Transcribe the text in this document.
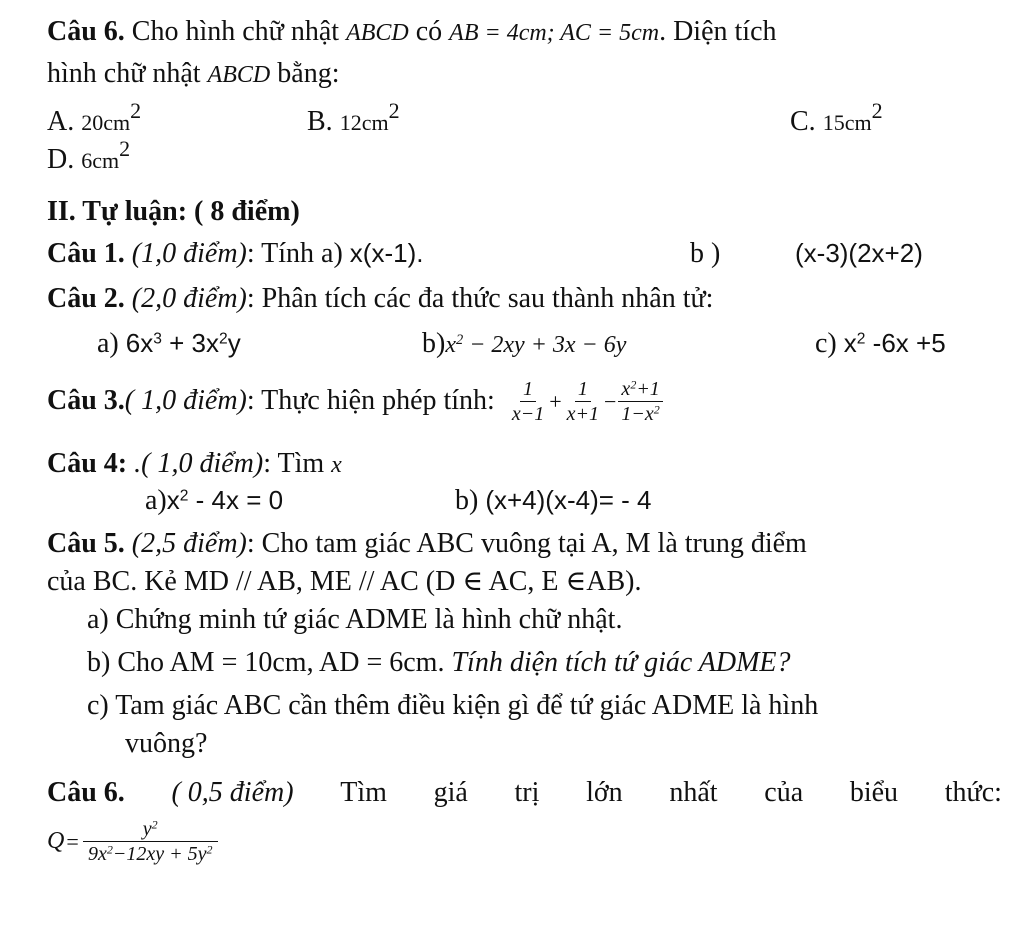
Câu 6. Cho hình chữ nhật ABCD có AB = 4cm; AC = 5cm. Diện tích
hình chữ nhật ABCD bằng:
A. $20cm^2$	B. $12cm^2$	C. $15cm^2$
D. $6cm^2$
II. Tự luận: ( 8 điểm)
Câu 1. (1,0 điểm): Tính a) x(x-1).	b )	(x-3)(2x+2)
Câu 2. (2,0 điểm): Phân tích các đa thức sau thành nhân tử:
a) $6x^3 + 3x^2y$	$b)x^2 - 2xy + 3x - 6y$	c) $x^2$ -6x +5
Câu 3. ( 1,0 điểm) : Thực hiện phép tính: $\frac{1}{x-1} + \frac{1}{x+1} - \frac{x^2+1}{1-x^2}$
Câu 4: .( 1,0 điểm): Tìm x
$a)x^2 - 4x = 0$	b) (x+4)(x-4)= - 4
Câu 5. (2,5 điểm): Cho tam giác ABC vuông tại A, M là trung điểm
của BC. Kẻ MD // AB, ME // AC (D ∈ AC, E ∈AB).
a) Chứng minh tứ giác ADME là hình chữ nhật.
b) Cho AM = 10cm, AD = 6cm. Tính diện tích tứ giác ADME?
c) Tam giác ABC cần thêm điều kiện gì để tứ giác ADME là hình
vuông?
Câu 6. ( 0,5 điểm) Tìm giá trị lớn nhất của biểu thức:
$Q = \frac{y^2}{9x^2-12xy + 5y^2}$
